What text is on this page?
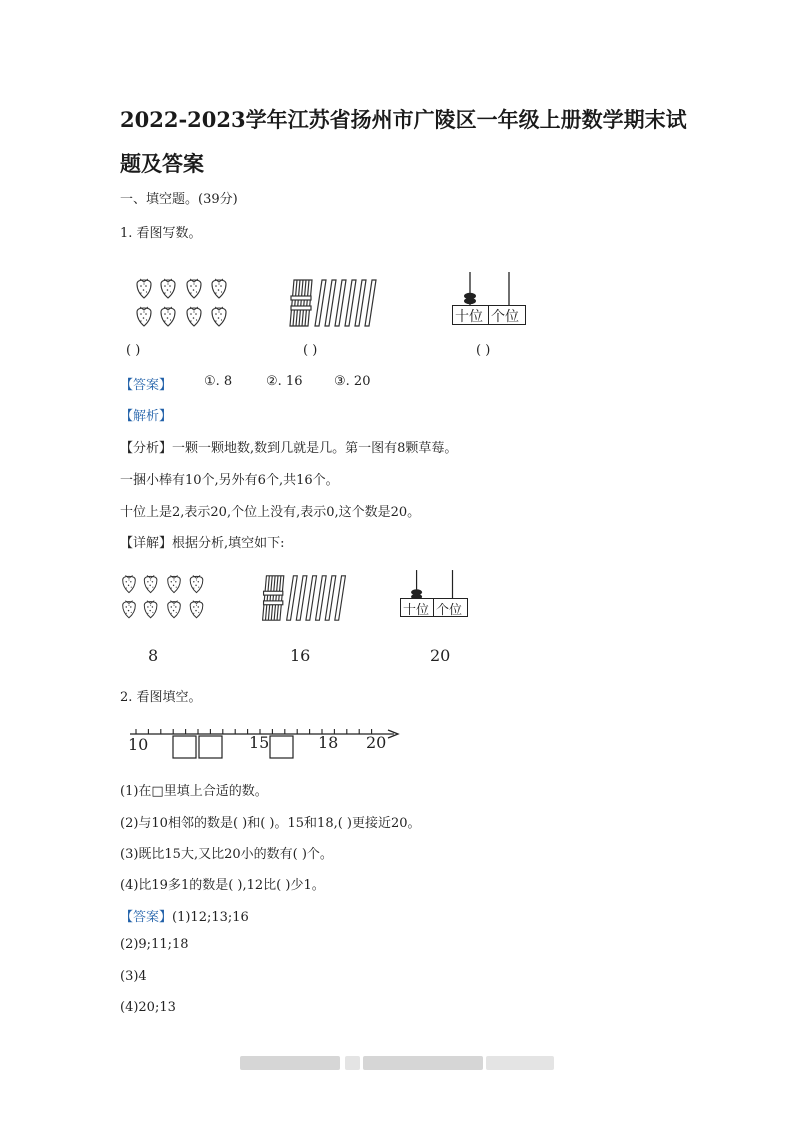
2022-2023学年江苏省扬州市广陵区一年级上册数学期末试
题及答案
一、填空题。(39分)
1. 看图写数。
十位 个位
( )	( )	( )
【答案】 ①. 8	②. 16 ③. 20
【解析】
【分析】一颗一颗地数,数到几就是几。第一图有8颗草莓。
一捆小棒有10个,另外有6个,共16个。
十位上是2,表示20,个位上没有,表示0,这个数是20。
【详解】根据分析,填空如下:
十位 个位
8	16	20
2. 看图填空。
10	15	18 20
(1)在□里填上合适的数。
(2)与10相邻的数是( )和( )。15和18,( )更接近20。
(3)既比15大,又比20小的数有( )个。
(4)比19多1的数是( ),12比( )少1。
【答案】(1)12;13;16
(2)9;11;18
(3)4
(4)20;13
